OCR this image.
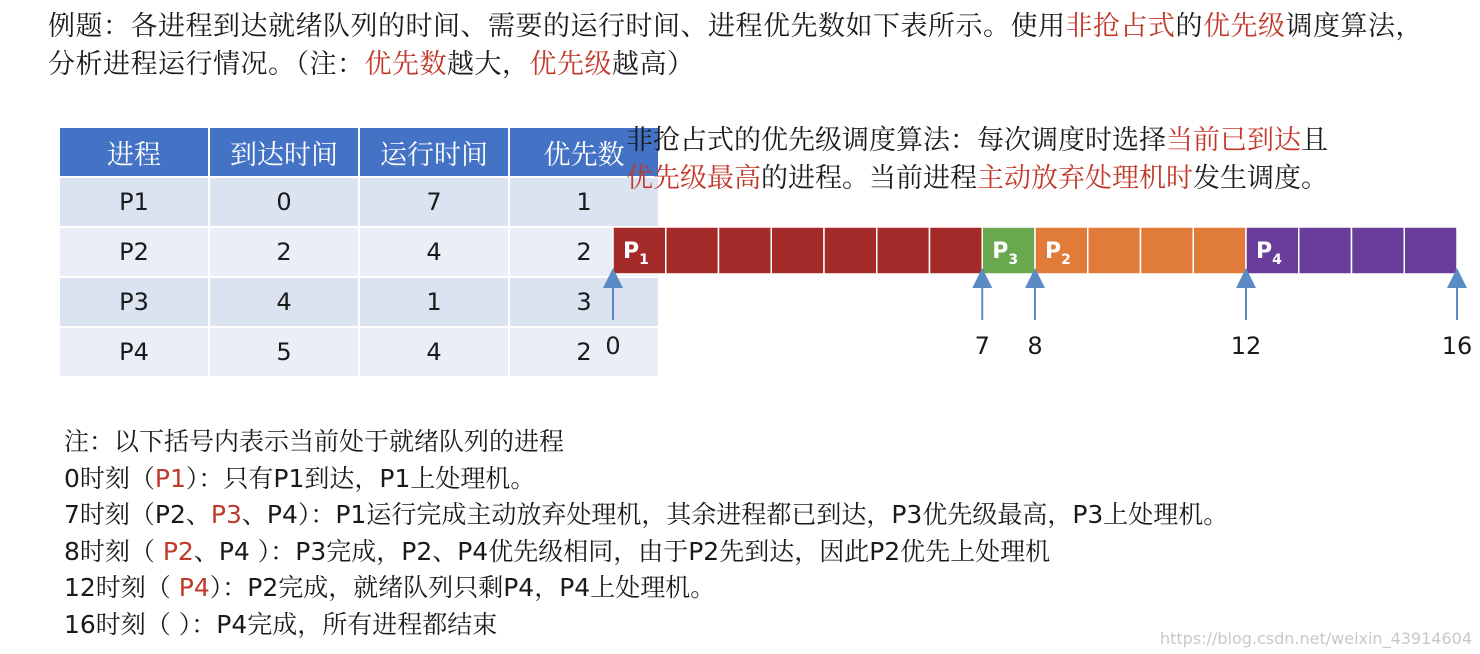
例题：各进程到达就绪队列的时间、需要的运行时间、进程优先数如下表所示。使用非抢占式的优先级调度算法，分析进程运行情况。（注：优先数越大，优先级越高）
进程	到达时间	运行时间	优先数
P1	0	7	1
P2	2	4	2
P3	4	1	3
P4	5	4	2
非抢占式的优先级调度算法：每次调度时选择当前已到达且
优先级最高的进程。当前进程主动放弃处理机时发生调度。
$P_1$	$P_3$ $P_2$	$P_4$
0	7 8	12	16
注：以下括号内表示当前处于就绪队列的进程
0时刻（P1）：只有P1到达，P1上处理机。
7时刻（P2、P3、P4）：P1运行完成主动放弃处理机，其余进程都已到达，P3优先级最高，P3上处理机。
8时刻（ P2、P4 ）：P3完成，P2、P4优先级相同，由于P2先到达，因此P2优先上处理机
12时刻（ P4）：P2完成，就绪队列只剩P4，P4上处理机。
16时刻（ ）：P4完成，所有进程都结束	https://blog.csdn.net/weixin_43914604
